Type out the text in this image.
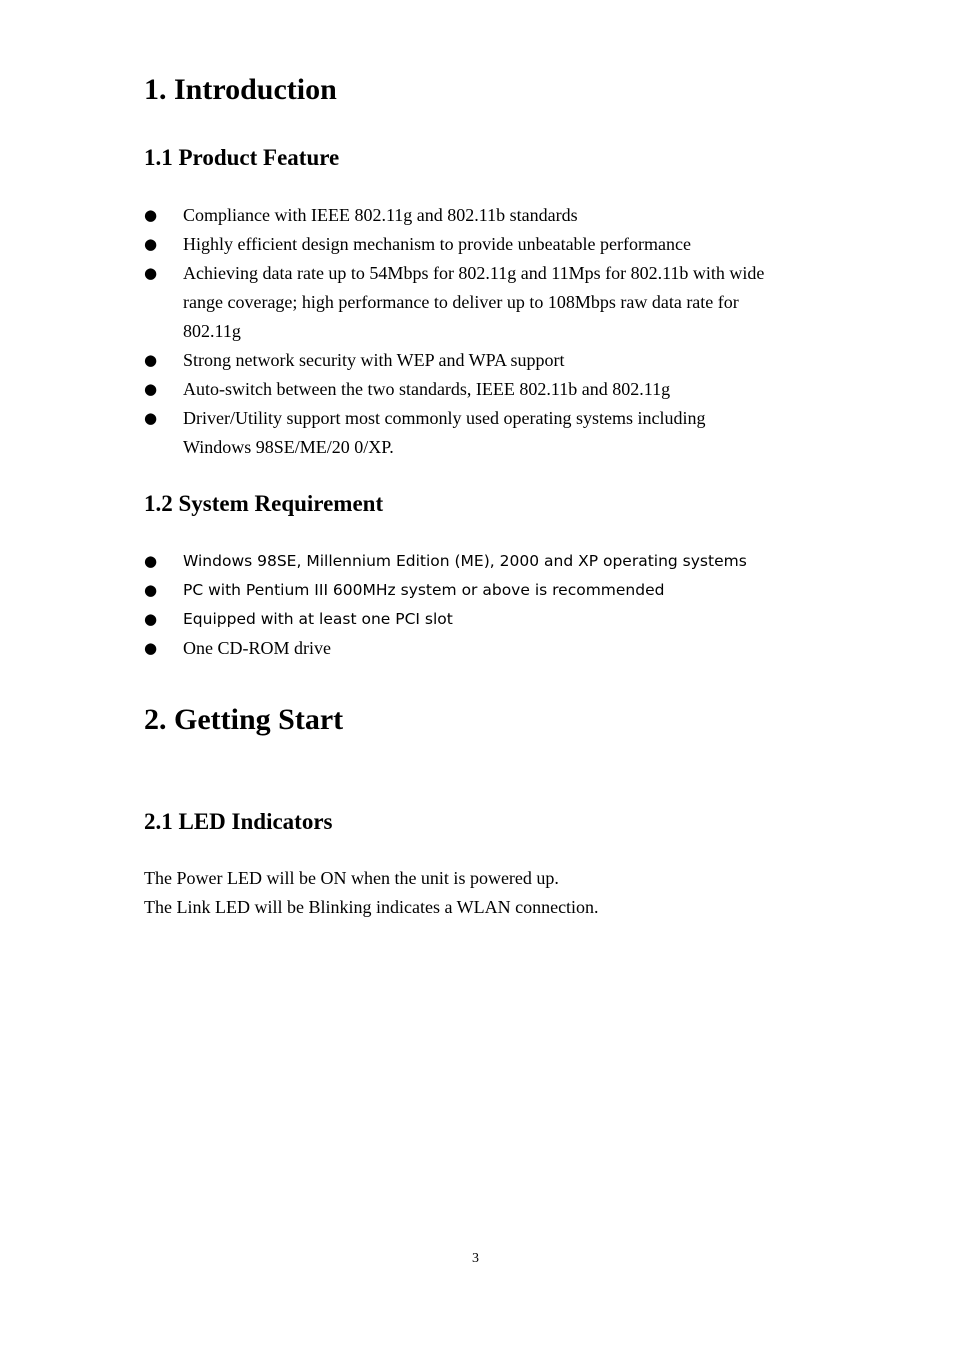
1. Introduction
1.1 Product Feature
● Compliance with IEEE 802.11g and 802.11b standards
● Highly efficient design mechanism to provide unbeatable performance
● Achieving data rate up to 54Mbps for 802.11g and 11Mps for 802.11b with wide
range coverage; high performance to deliver up to 108Mbps raw data rate for
802.11g
● Strong network security with WEP and WPA support
● Auto-switch between the two standards, IEEE 802.11b and 802.11g
● Driver/Utility support most commonly used operating systems including
Windows 98SE/ME/20 0/XP.
1.2 System Requirement
● Windows 98SE, Millennium Edition (ME), 2000 and XP operating systems
● PC with Pentium III 600MHz system or above is recommended
● Equipped with at least one PCI slot
● One CD-ROM drive
2. Getting Start
2.1 LED Indicators
The Power LED will be ON when the unit is powered up.
The Link LED will be Blinking indicates a WLAN connection.
3
